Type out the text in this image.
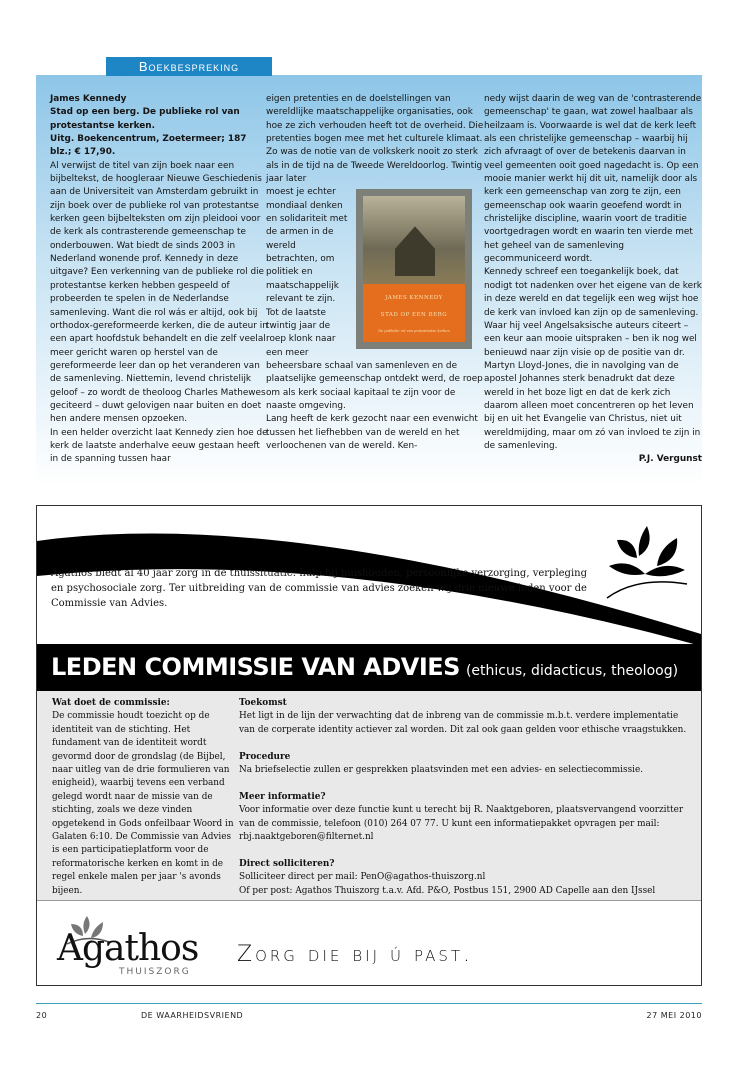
Boekbespreking

James Kennedy

Stad op een berg. De publieke rol van protestantse kerken.

Uitg. Boekencentrum, Zoetermeer; 187 blz.; € 17,90.

Al verwijst de titel van zijn boek naar een bijbeltekst, de hoogleraar Nieuwe Geschiedenis aan de Universiteit van Amsterdam gebruikt in zijn boek over de publieke rol van protestantse kerken geen bijbelteksten om zijn pleidooi voor de kerk als contrasterende gemeenschap te onderbouwen. Wat biedt de sinds 2003 in Nederland wonende prof. Kennedy in deze uitgave? Een verkenning van de publieke rol die protestantse kerken hebben gespeeld of probeerden te spelen in de Nederlandse samenleving. Want die rol wás er altijd, ook bij orthodox-gereformeerde kerken, die de auteur in een apart hoofdstuk behandelt en die zelf veelal meer gericht waren op herstel van de gereformeerde leer dan op het veranderen van de samenleving. Niettemin, levend christelijk geloof – zo wordt de theoloog Charles Mathewes geciteerd – duwt gelovigen naar buiten en doet hen andere mensen opzoeken.

In een helder overzicht laat Kennedy zien hoe de kerk de laatste anderhalve eeuw gestaan heeft in de spanning tussen haar

eigen pretenties en de doelstellingen van wereldlijke maatschappelijke organisaties, ook hoe ze zich verhouden heeft tot de overheid. Die pretenties bogen mee met het culturele klimaat. Zo was de notie van de volkskerk nooit zo sterk als in de tijd na de Tweede Wereldoorlog. Twintig jaar later

JAMES KENNEDY
STAD OP EEN BERG
De publieke rol van protestantse kerken

moest je echter mondiaal denken en solidariteit met de armen in de wereld betrachten, om politiek en maatschappelijk relevant te zijn. Tot de laatste twintig jaar de roep klonk naar een meer beheersbare schaal van samenleven en de plaatselijke gemeenschap ontdekt werd, de roep om als kerk sociaal kapitaal te zijn voor de naaste omgeving.

Lang heeft de kerk gezocht naar een evenwicht tussen het liefhebben van de wereld en het verloochenen van de wereld. Ken-

nedy wijst daarin de weg van de 'contrasterende gemeenschap' te gaan, wat zowel haalbaar als heilzaam is. Voorwaarde is wel dat de kerk leeft als een christelijke gemeenschap – waarbij hij zich afvraagt of over de betekenis daarvan in veel gemeenten ooit goed nagedacht is. Op een mooie manier werkt hij dit uit, namelijk door als kerk een gemeenschap van zorg te zijn, een gemeenschap ook waarin geoefend wordt in christelijke discipline, waarin voort de traditie voortgedragen wordt en waarin ten vierde met het geheel van de samenleving gecommuniceerd wordt.

Kennedy schreef een toegankelijk boek, dat nodigt tot nadenken over het eigene van de kerk in deze wereld en dat tegelijk een weg wijst hoe de kerk van invloed kan zijn op de samenleving. Waar hij veel Angelsaksische auteurs citeert – een keur aan mooie uitspraken – ben ik nog wel benieuwd naar zijn visie op de positie van dr. Martyn Lloyd-Jones, die in navolging van de apostel Johannes sterk benadrukt dat deze wereld in het boze ligt en dat de kerk zich daarom alleen moet concentreren op het leven bij en uit het Evangelie van Christus, niet uit wereldmijding, maar om zó van invloed te zijn in de samenleving.

P.J. Vergunst

Agathos biedt al 40 jaar zorg in de thuissituatie: hulp bij huishouden, persoonlijke verzorging, verpleging en psychosociale zorg. Ter uitbreiding van de commissie van advies zoeken wij drie nieuwe leden voor de Commissie van Advies.
LEDEN COMMISSIE VAN ADVIES (ethicus, didacticus, theoloog)
Wat doet de commissie:

De commissie houdt toezicht op de identiteit van de stichting. Het fundament van de identiteit wordt gevormd door de grondslag (de Bijbel, naar uitleg van de drie formulieren van enigheid), waarbij tevens een verband gelegd wordt naar de missie van de stichting, zoals we deze vinden opgetekend in Gods onfeilbaar Woord in Galaten 6:10. De Commissie van Advies is een participatieplatform voor de reformatorische kerken en komt in de regel enkele malen per jaar 's avonds bijeen.

Toekomst

Het ligt in de lijn der verwachting dat de inbreng van de commissie m.b.t. verdere implementatie van de corperate identity actiever zal worden. Dit zal ook gaan gelden voor ethische vraagstukken.

Procedure

Na briefselectie zullen er gesprekken plaatsvinden met een advies- en selectiecommissie.

Meer informatie?

Voor informatie over deze functie kunt u terecht bij R. Naaktgeboren, plaatsvervangend voorzitter van de commissie, telefoon (010) 264 07 77. U kunt een informatiepakket opvragen per mail: rbj.naaktgeboren@filternet.nl

Direct solliciteren?
Solliciteer direct per mail: PenO@agathos-thuiszorg.nl
Of per post: Agathos Thuiszorg t.a.v. Afd. P&O, Postbus 151, 2900 AD Capelle aan den IJssel
Agathos
THUISZORG
Zorg die bij ú past.
20	DE WAARHEIDSVRIEND	27 MEI 2010
